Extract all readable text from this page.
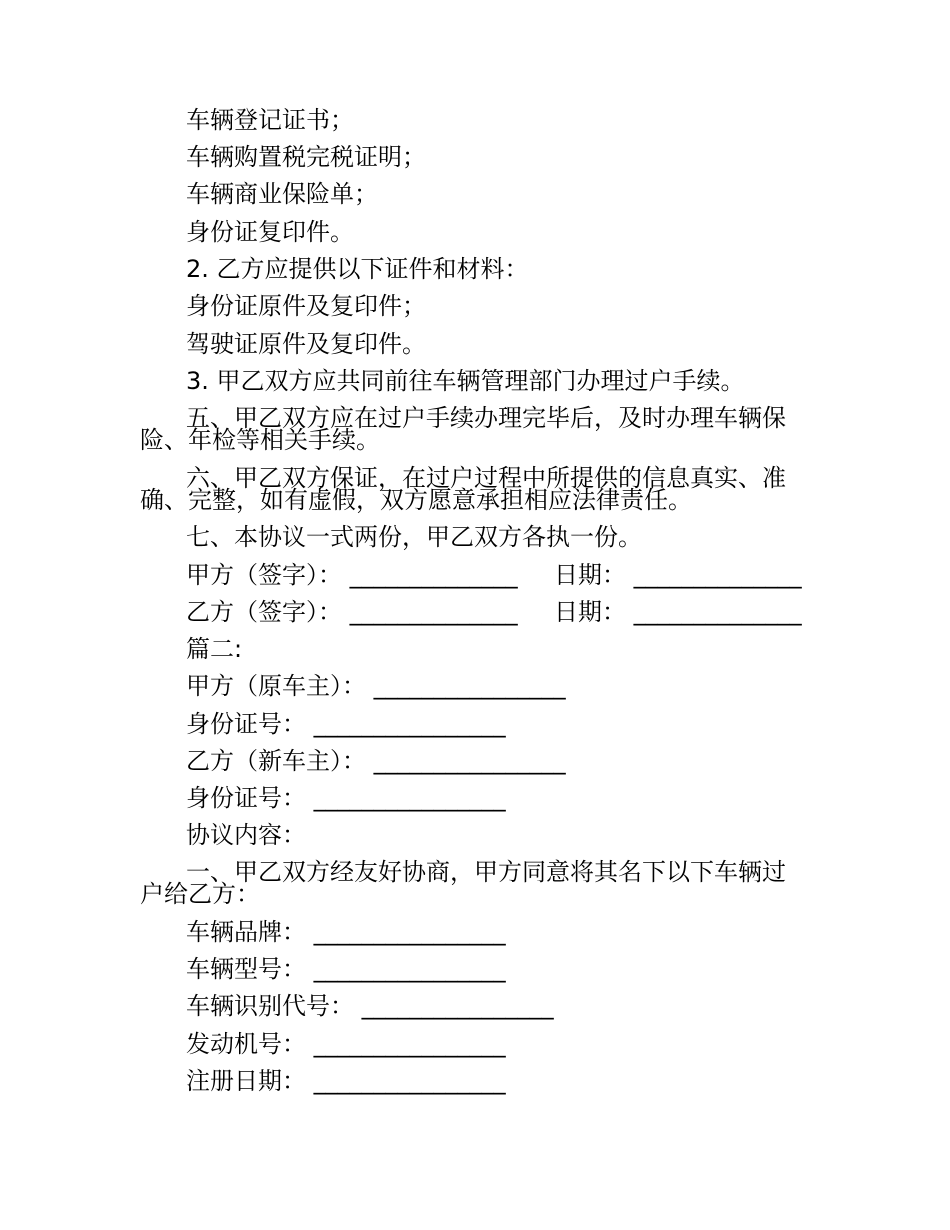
车辆登记证书；
车辆购置税完税证明；
车辆商业保险单；
身份证复印件。
2. 乙方应提供以下证件和材料：
身份证原件及复印件；
驾驶证原件及复印件。
3. 甲乙双方应共同前往车辆管理部门办理过户手续。
五、甲乙双方应在过户手续办理完毕后，及时办理车辆保
险、年检等相关手续。
六、甲乙双方保证，在过户过程中所提供的信息真实、准
确、完整，如有虚假，双方愿意承担相应法律责任。
七、本协议一式两份，甲乙双方各执一份。
甲方（签字）： ______________ 日期： ______________
乙方（签字）： ______________ 日期： ______________
篇二:
甲方（原车主）： ________________
身份证号： ________________
乙方（新车主）： ________________
身份证号： ________________
协议内容：
一、甲乙双方经友好协商，甲方同意将其名下以下车辆过
户给乙方：
车辆品牌： ________________
车辆型号： ________________
车辆识别代号： ________________
发动机号： ________________
注册日期： ________________
